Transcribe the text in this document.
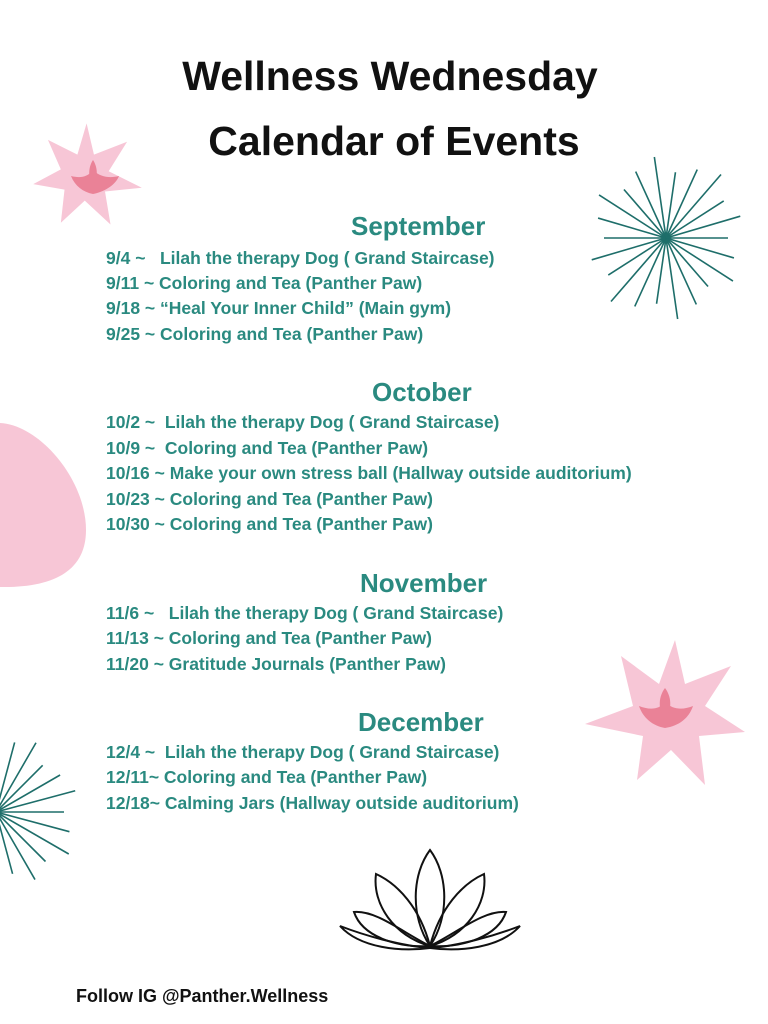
Wellness Wednesday
Calendar of Events
September
9/4 ~   Lilah the therapy Dog ( Grand Staircase)
9/11 ~ Coloring and Tea (Panther Paw)
9/18 ~ “Heal Your Inner Child” (Main gym)
9/25 ~ Coloring and Tea (Panther Paw)
October
10/2 ~  Lilah the therapy Dog ( Grand Staircase)
10/9 ~  Coloring and Tea (Panther Paw)
10/16 ~ Make your own stress ball (Hallway outside auditorium)
10/23 ~ Coloring and Tea (Panther Paw)
10/30 ~ Coloring and Tea (Panther Paw)
November
11/6 ~   Lilah the therapy Dog ( Grand Staircase)
11/13 ~ Coloring and Tea (Panther Paw)
11/20 ~ Gratitude Journals (Panther Paw)
December
12/4 ~  Lilah the therapy Dog ( Grand Staircase)
12/11~ Coloring and Tea (Panther Paw)
12/18~ Calming Jars (Hallway outside auditorium)
Follow IG @Panther.Wellness
